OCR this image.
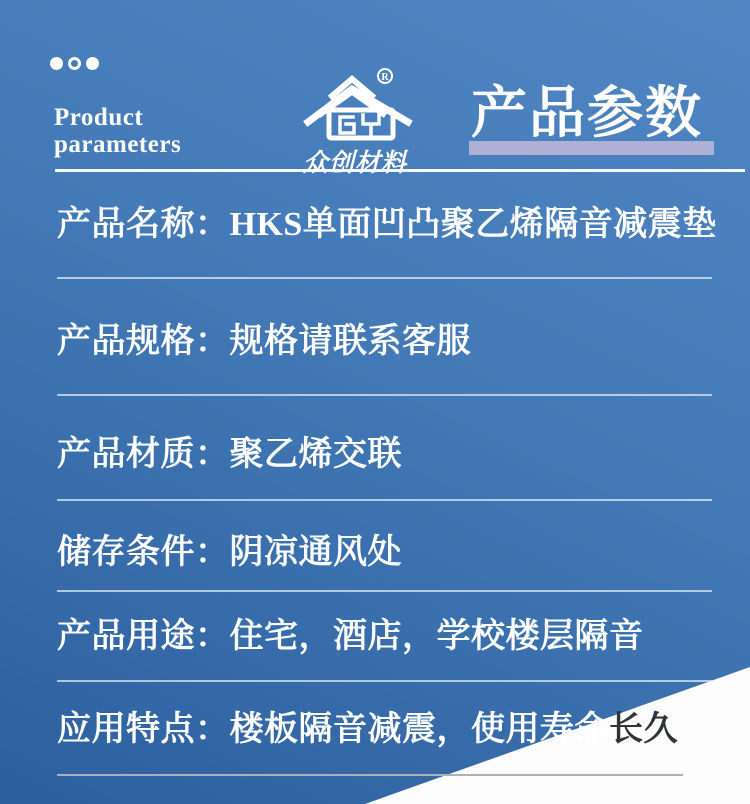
Product
parameters
R
众创材料
产品参数
产品名称：HKS单面凹凸聚乙烯隔音减震垫
产品规格：规格请联系客服
产品材质：聚乙烯交联
储存条件：阴凉通风处
产品用途：住宅，酒店，学校楼层隔音
应用特点：楼板隔音减震，使用寿命长久
